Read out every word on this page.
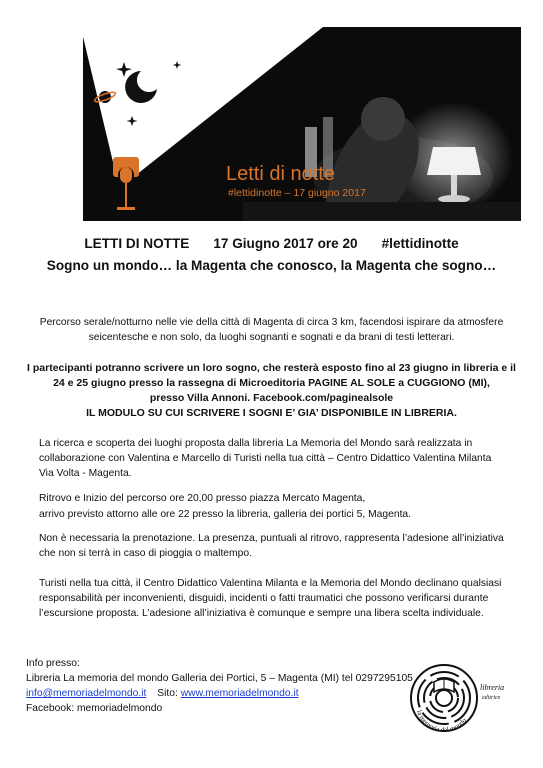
Letti di notte
#lettidinotte – 17 giugno 2017
LETTI DI NOTTE 17 Giugno 2017 ore 20 #lettidinotte
Sogno un mondo… la Magenta che conosco, la Magenta che sogno…
Percorso serale/notturno nelle vie della città di Magenta di circa 3 km, facendosi ispirare da atmosfere
seicentesche e non solo, da luoghi sognanti e sognati e da brani di testi letterari.
I partecipanti potranno scrivere un loro sogno, che resterà esposto fino al 23 giugno in libreria e il
24 e 25 giugno presso la rassegna di Microeditoria PAGINE AL SOLE a CUGGIONO (MI),
presso Villa Annoni. Facebook.com/paginealsole
IL MODULO SU CUI SCRIVERE I SOGNI E’ GIA’ DISPONIBILE IN LIBRERIA.
La ricerca e scoperta dei luoghi proposta dalla libreria La Memoria del Mondo sarà realizzata in
collaborazione con Valentina e Marcello di Turisti nella tua città – Centro Didattico Valentina Milanta
Via Volta - Magenta.
Ritrovo e Inizio del percorso ore 20,00 presso piazza Mercato Magenta,
arrivo previsto attorno alle ore 22 presso la libreria, galleria dei portici 5, Magenta.
Non è necessaria la prenotazione. La presenza, puntuali al ritrovo, rappresenta l’adesione all’iniziativa
che non si terrà in caso di pioggia o maltempo.
Turisti nella tua città, il Centro Didattico Valentina Milanta e la Memoria del Mondo declinano qualsiasi
responsabilità per inconvenienti, disguidi, incidenti o fatti traumatici che possono verificarsi durante
l’escursione proposta. L’adesione all’iniziativa è comunque e sempre una libera scelta individuale.
Info presso:
Libreria La memoria del mondo Galleria dei Portici, 5 – Magenta (MI) tel 0297295105
info@memoriadelmondo.it Sito: www.memoriadelmondo.it
Facebook: memoriadelmondo	la memoria del mondo
libreria
editrice
